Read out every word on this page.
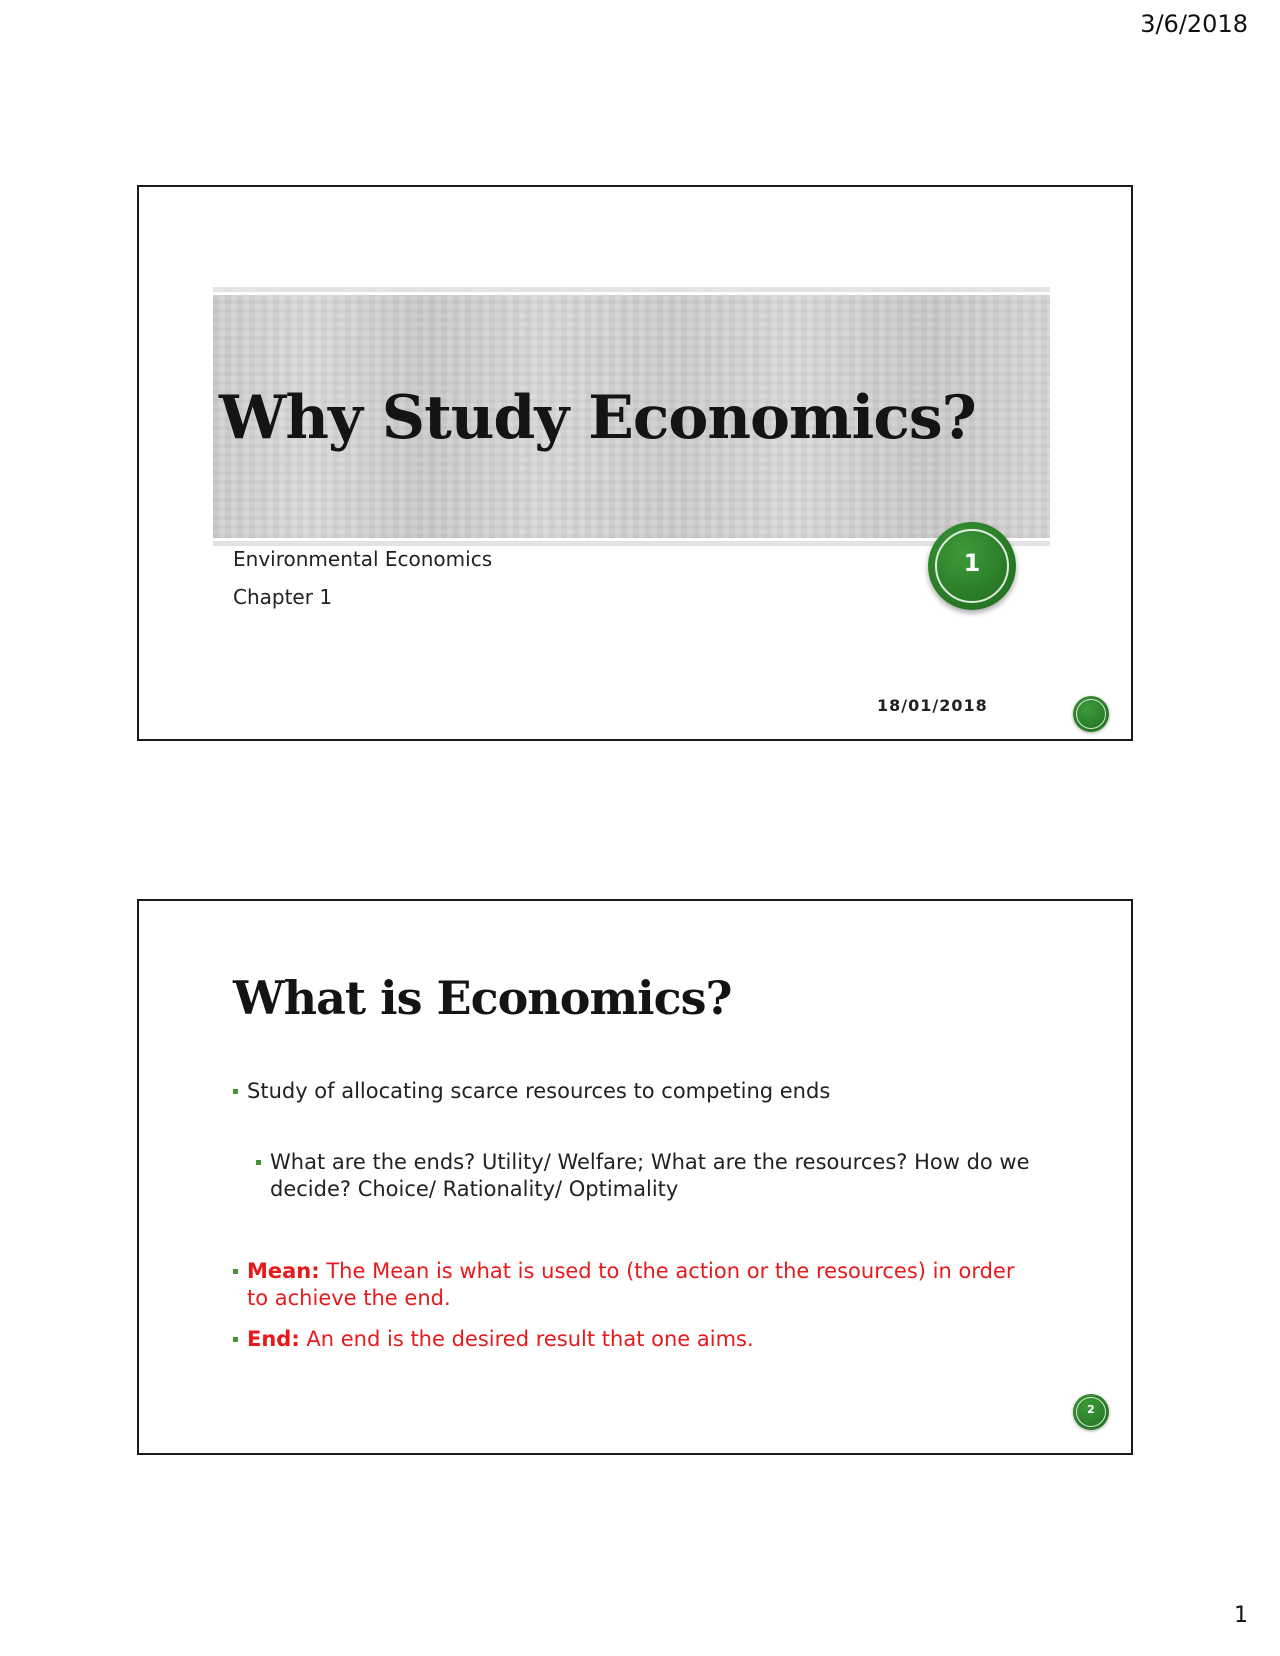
3/6/2018
Why Study Economics?

Environmental Economics

Chapter 1

1

18/01/2018

What is Economics?

Study of allocating scarce resources to competing ends

What are the ends? Utility/ Welfare; What are the resources? How do we decide? Choice/ Rationality/ Optimality

Mean: The Mean is what is used to (the action or the resources) in order to achieve the end.

End: An end is the desired result that one aims.

2
1
